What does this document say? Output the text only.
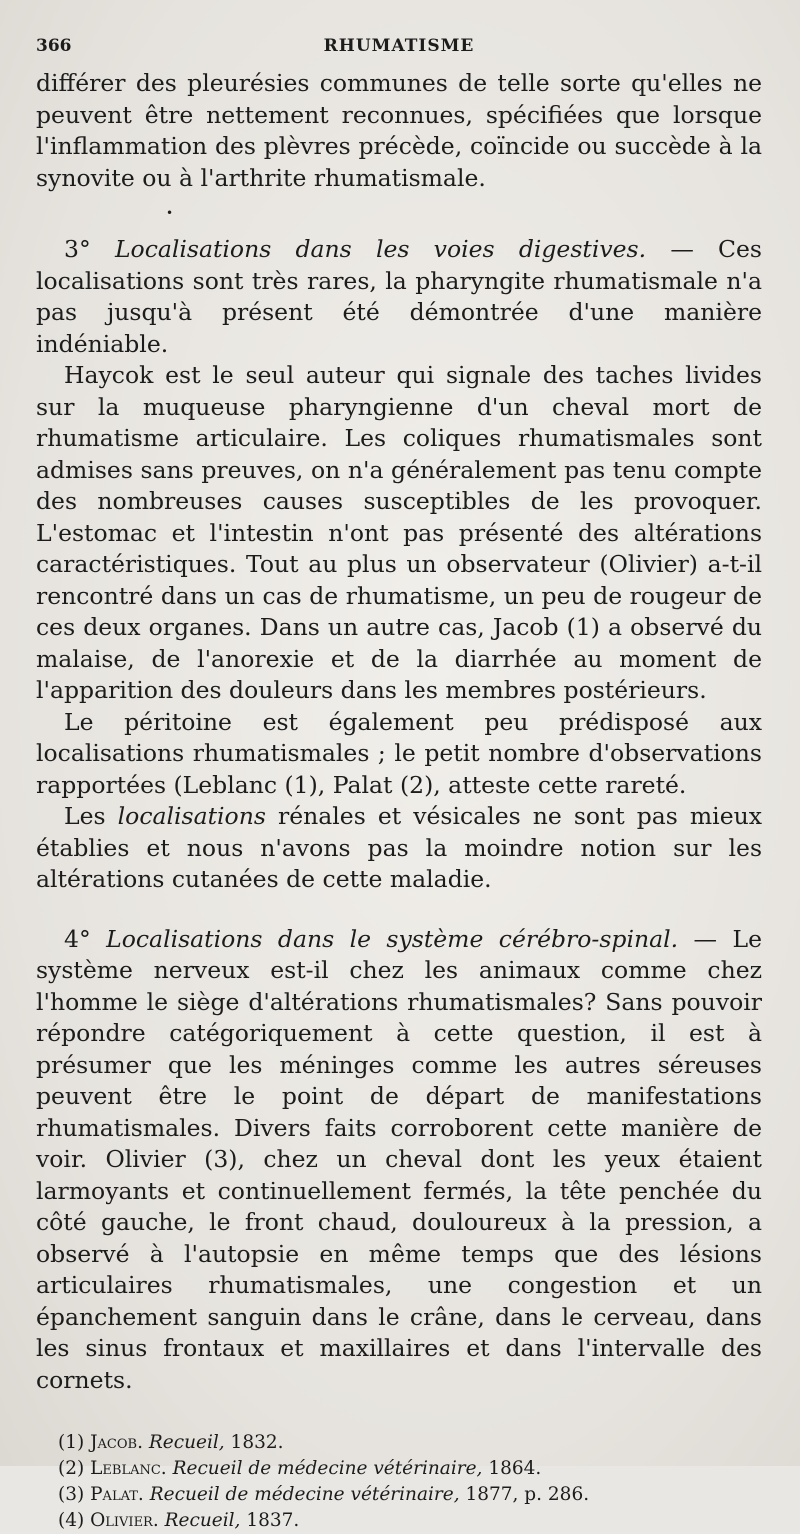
366	RHUMATISME

différer des pleurésies communes de telle sorte qu'elles ne peuvent être nettement reconnues, spécifiées que lorsque l'inflammation des plèvres précède, coïncide ou succède à la synovite ou à l'arthrite rhumatismale.

•

3° Localisations dans les voies digestives. — Ces localisations sont très rares, la pharyngite rhumatismale n'a pas jusqu'à présent été démontrée d'une manière indéniable.

Haycok est le seul auteur qui signale des taches livides sur la muqueuse pharyngienne d'un cheval mort de rhumatisme articulaire. Les coliques rhumatismales sont admises sans preuves, on n'a généralement pas tenu compte des nombreuses causes susceptibles de les provoquer. L'estomac et l'intestin n'ont pas présenté des altérations caractéristiques. Tout au plus un observateur (Olivier) a-t-il rencontré dans un cas de rhumatisme, un peu de rougeur de ces deux organes. Dans un autre cas, Jacob (1) a observé du malaise, de l'anorexie et de la diarrhée au moment de l'apparition des douleurs dans les membres postérieurs.

Le péritoine est également peu prédisposé aux localisations rhumatismales ; le petit nombre d'observations rapportées (Leblanc (1), Palat (2), atteste cette rareté.

Les localisations rénales et vésicales ne sont pas mieux établies et nous n'avons pas la moindre notion sur les altérations cutanées de cette maladie.

4° Localisations dans le système cérébro-spinal. — Le système nerveux est-il chez les animaux comme chez l'homme le siège d'altérations rhumatismales? Sans pouvoir répondre catégoriquement à cette question, il est à présumer que les méninges comme les autres séreuses peuvent être le point de départ de manifestations rhumatismales. Divers faits corroborent cette manière de voir. Olivier (3), chez un cheval dont les yeux étaient larmoyants et continuellement fermés, la tête penchée du côté gauche, le front chaud, douloureux à la pression, a observé à l'autopsie en même temps que des lésions articulaires rhumatismales, une congestion et un épanchement sanguin dans le crâne, dans le cerveau, dans les sinus frontaux et maxillaires et dans l'intervalle des cornets.

(1) Jacob. Recueil, 1832.
(2) Leblanc. Recueil de médecine vétérinaire, 1864.
(3) Palat. Recueil de médecine vétérinaire, 1877, p. 286.
(4) Olivier. Recueil, 1837.
